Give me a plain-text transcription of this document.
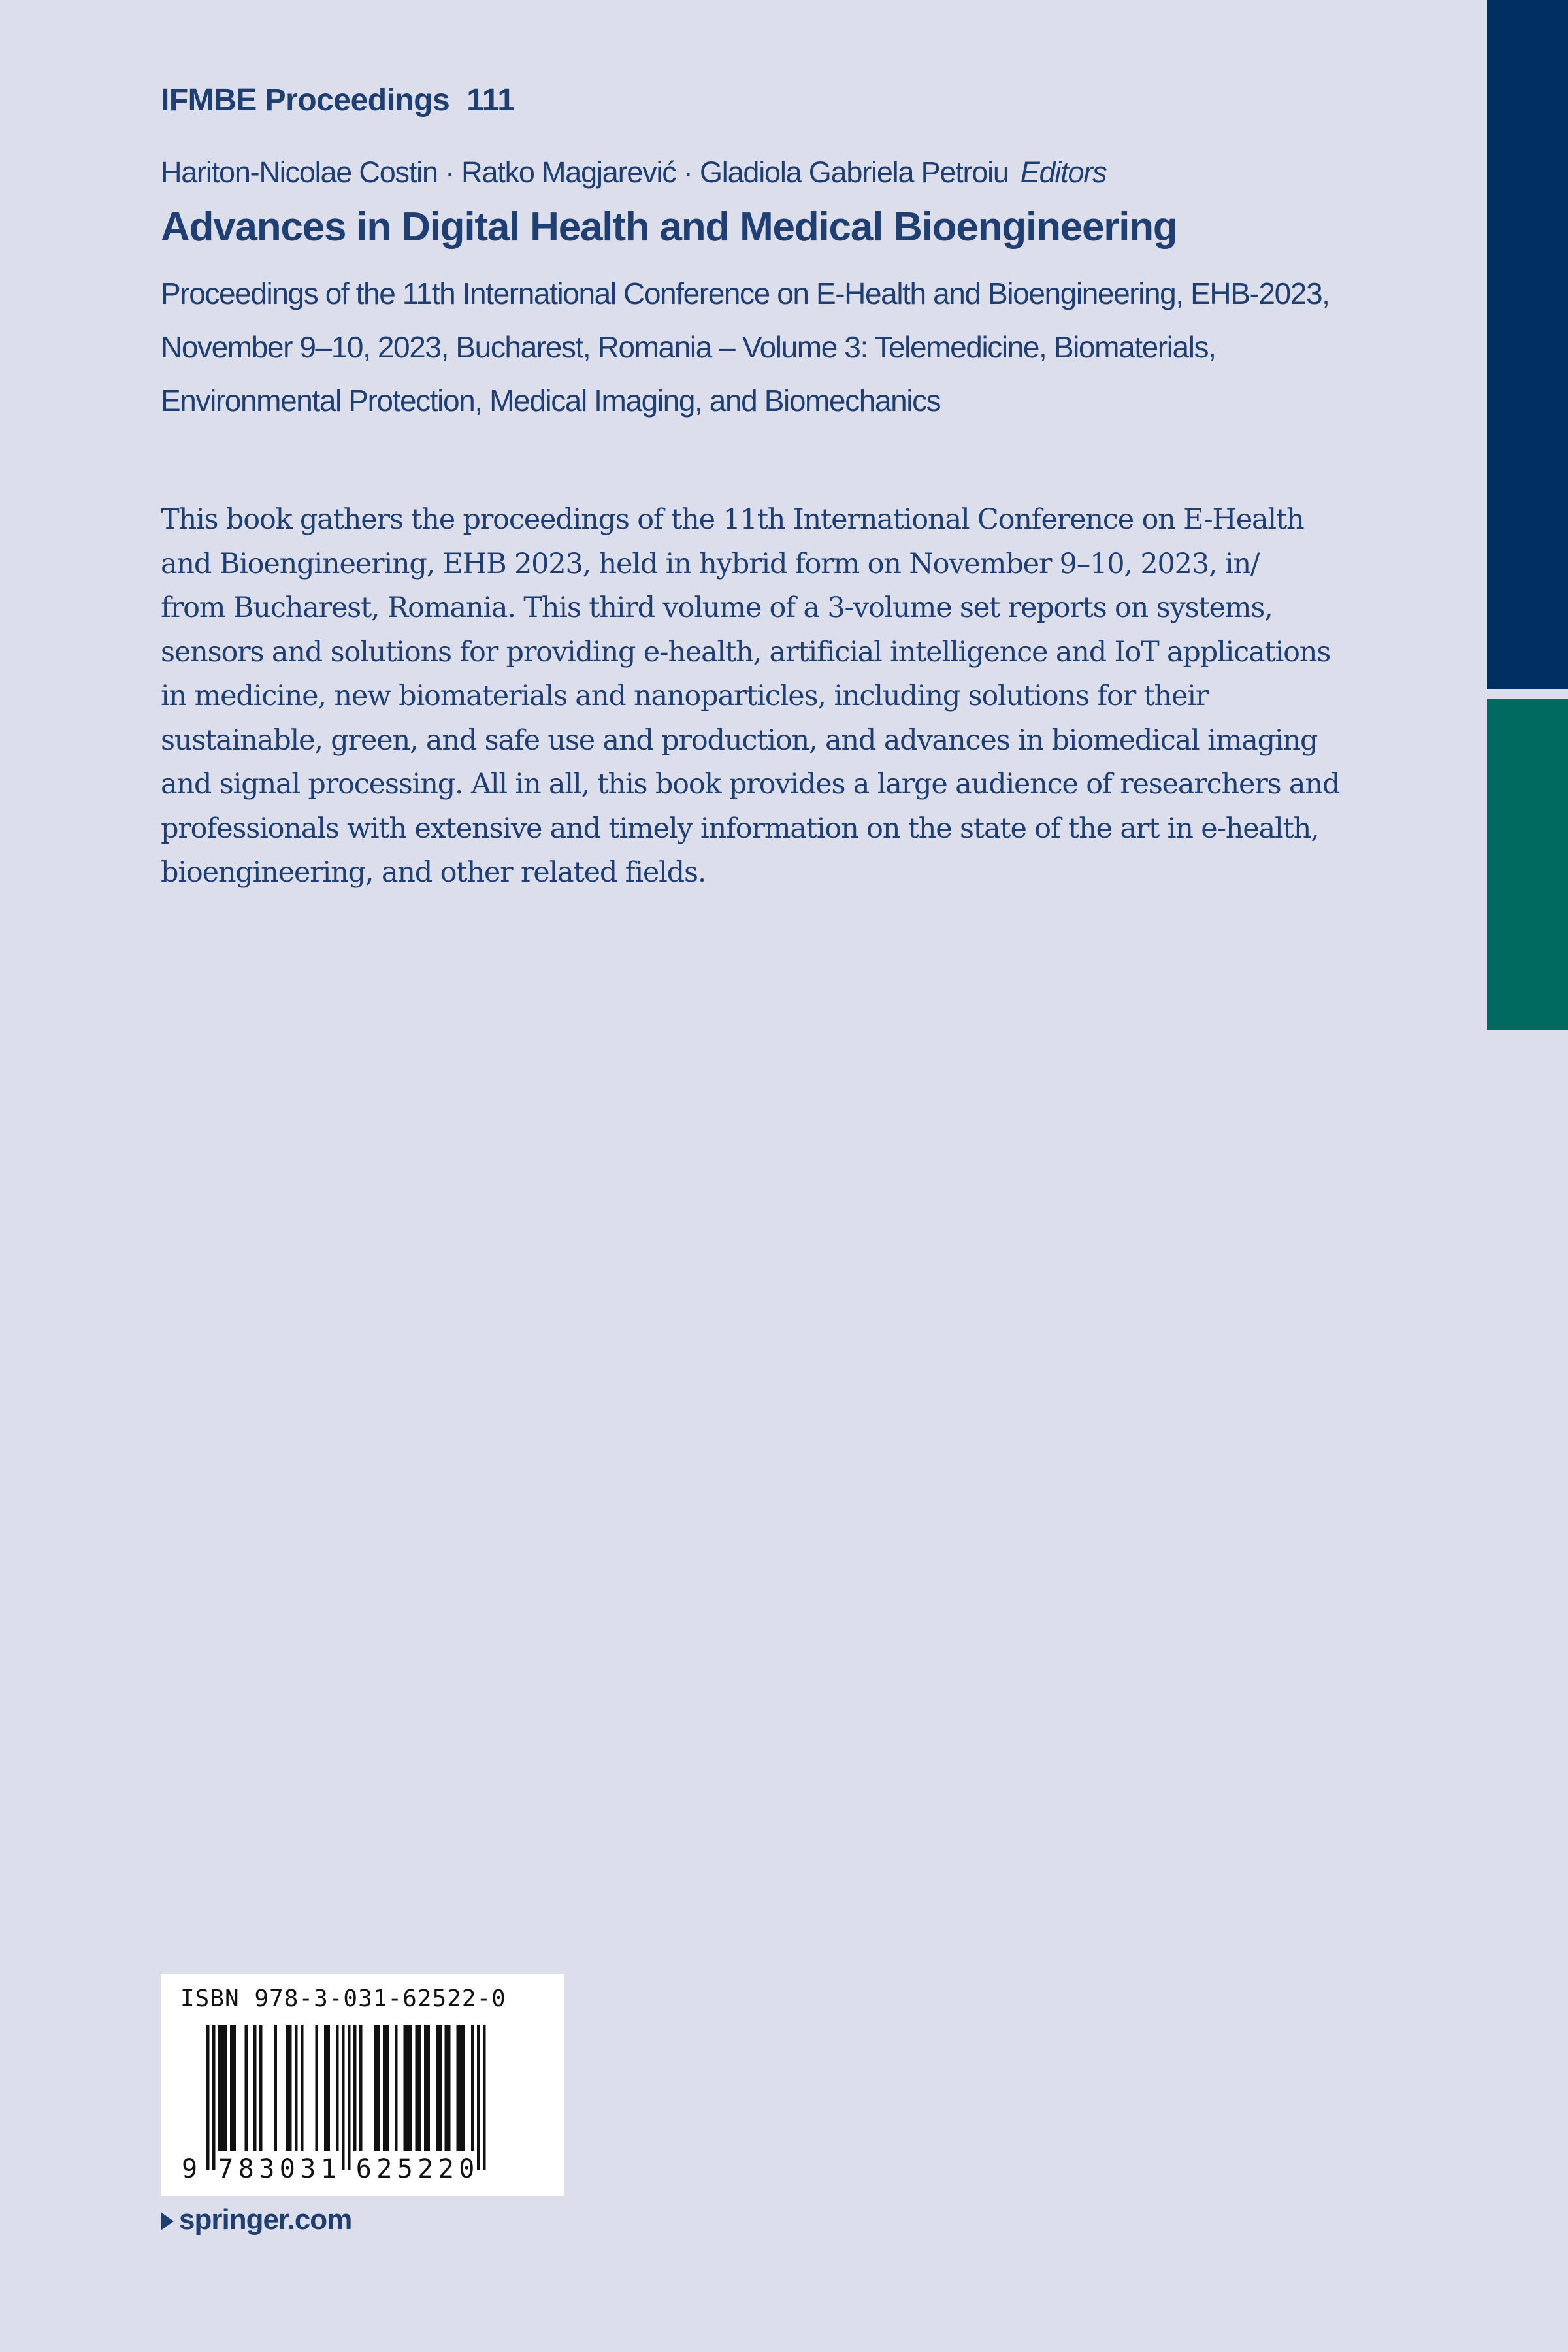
IFMBE Proceedings 111
Hariton-Nicolae Costin · Ratko Magjarević · Gladiola Gabriela Petroiu Editors
Advances in Digital Health and Medical Bioengineering
Proceedings of the 11th International Conference on E-Health and Bioengineering, EHB-2023,
November 9–10, 2023, Bucharest, Romania – Volume 3: Telemedicine, Biomaterials,
Environmental Protection, Medical Imaging, and Biomechanics
This book gathers the proceedings of the 11th International Conference on E-Health
and Bioengineering, EHB 2023, held in hybrid form on November 9–10, 2023, in/
from Bucharest, Romania. This third volume of a 3-volume set reports on systems,
sensors and solutions for providing e-health, artificial intelligence and IoT applications
in medicine, new biomaterials and nanoparticles, including solutions for their
sustainable, green, and safe use and production, and advances in biomedical imaging
and signal processing. All in all, this book provides a large audience of researchers and
professionals with extensive and timely information on the state of the art in e-health,
bioengineering, and other related fields.
ISBN 978-3-031-62522-0
9 7 8 3 0 3 1 6 2 5 2 2 0
springer.com
